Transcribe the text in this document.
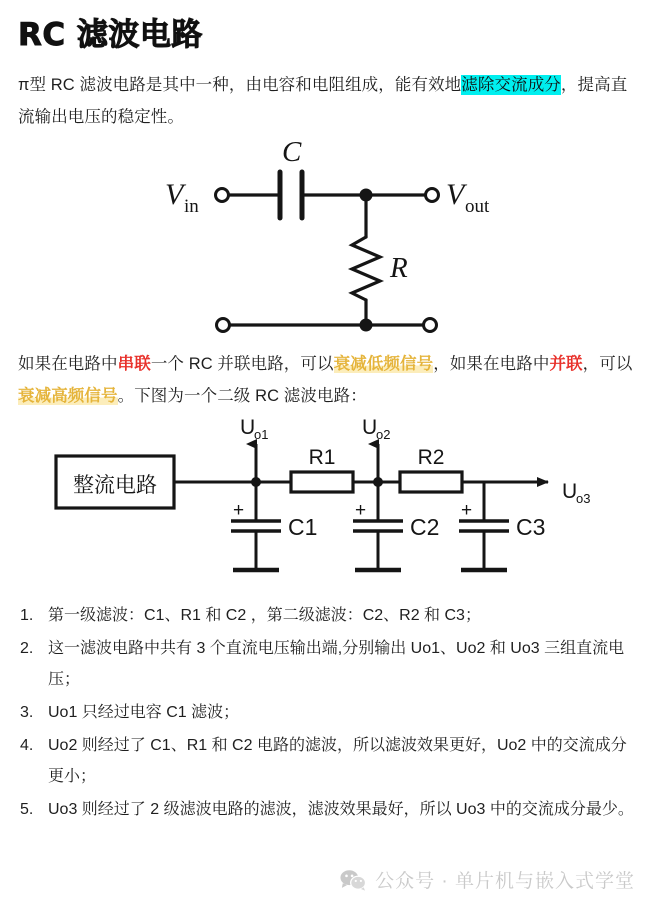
RC 滤波电路

π型 RC 滤波电路是其中一种，由电容和电阻组成，能有效地滤除交流成分，提高直流输出电压的稳定性。

V in	V out
C
R

如果在电路中串联一个 RC 并联电路，可以衰减低频信号，如果在电路中并联，可以衰减高频信号。下图为一个二级 RC 滤波电路：

整流电路
U
o1	U
o2
U
o3
R1	R2
C1	C2	C3
+	+	+
1. 第一级滤波：C1、R1 和 C2 ，第二级滤波：C2、R2 和 C3；
2. 这一滤波电路中共有 3 个直流电压输出端,分别输出 Uo1、Uo2 和 Uo3 三组直流电压；
3. Uo1 只经过电容 C1 滤波；
4. Uo2 则经过了 C1、R1 和 C2 电路的滤波，所以滤波效果更好，Uo2 中的交流成分更小；
5. Uo3 则经过了 2 级滤波电路的滤波，滤波效果最好，所以 Uo3 中的交流成分最少。
公众号 · 单片机与嵌入式学堂
